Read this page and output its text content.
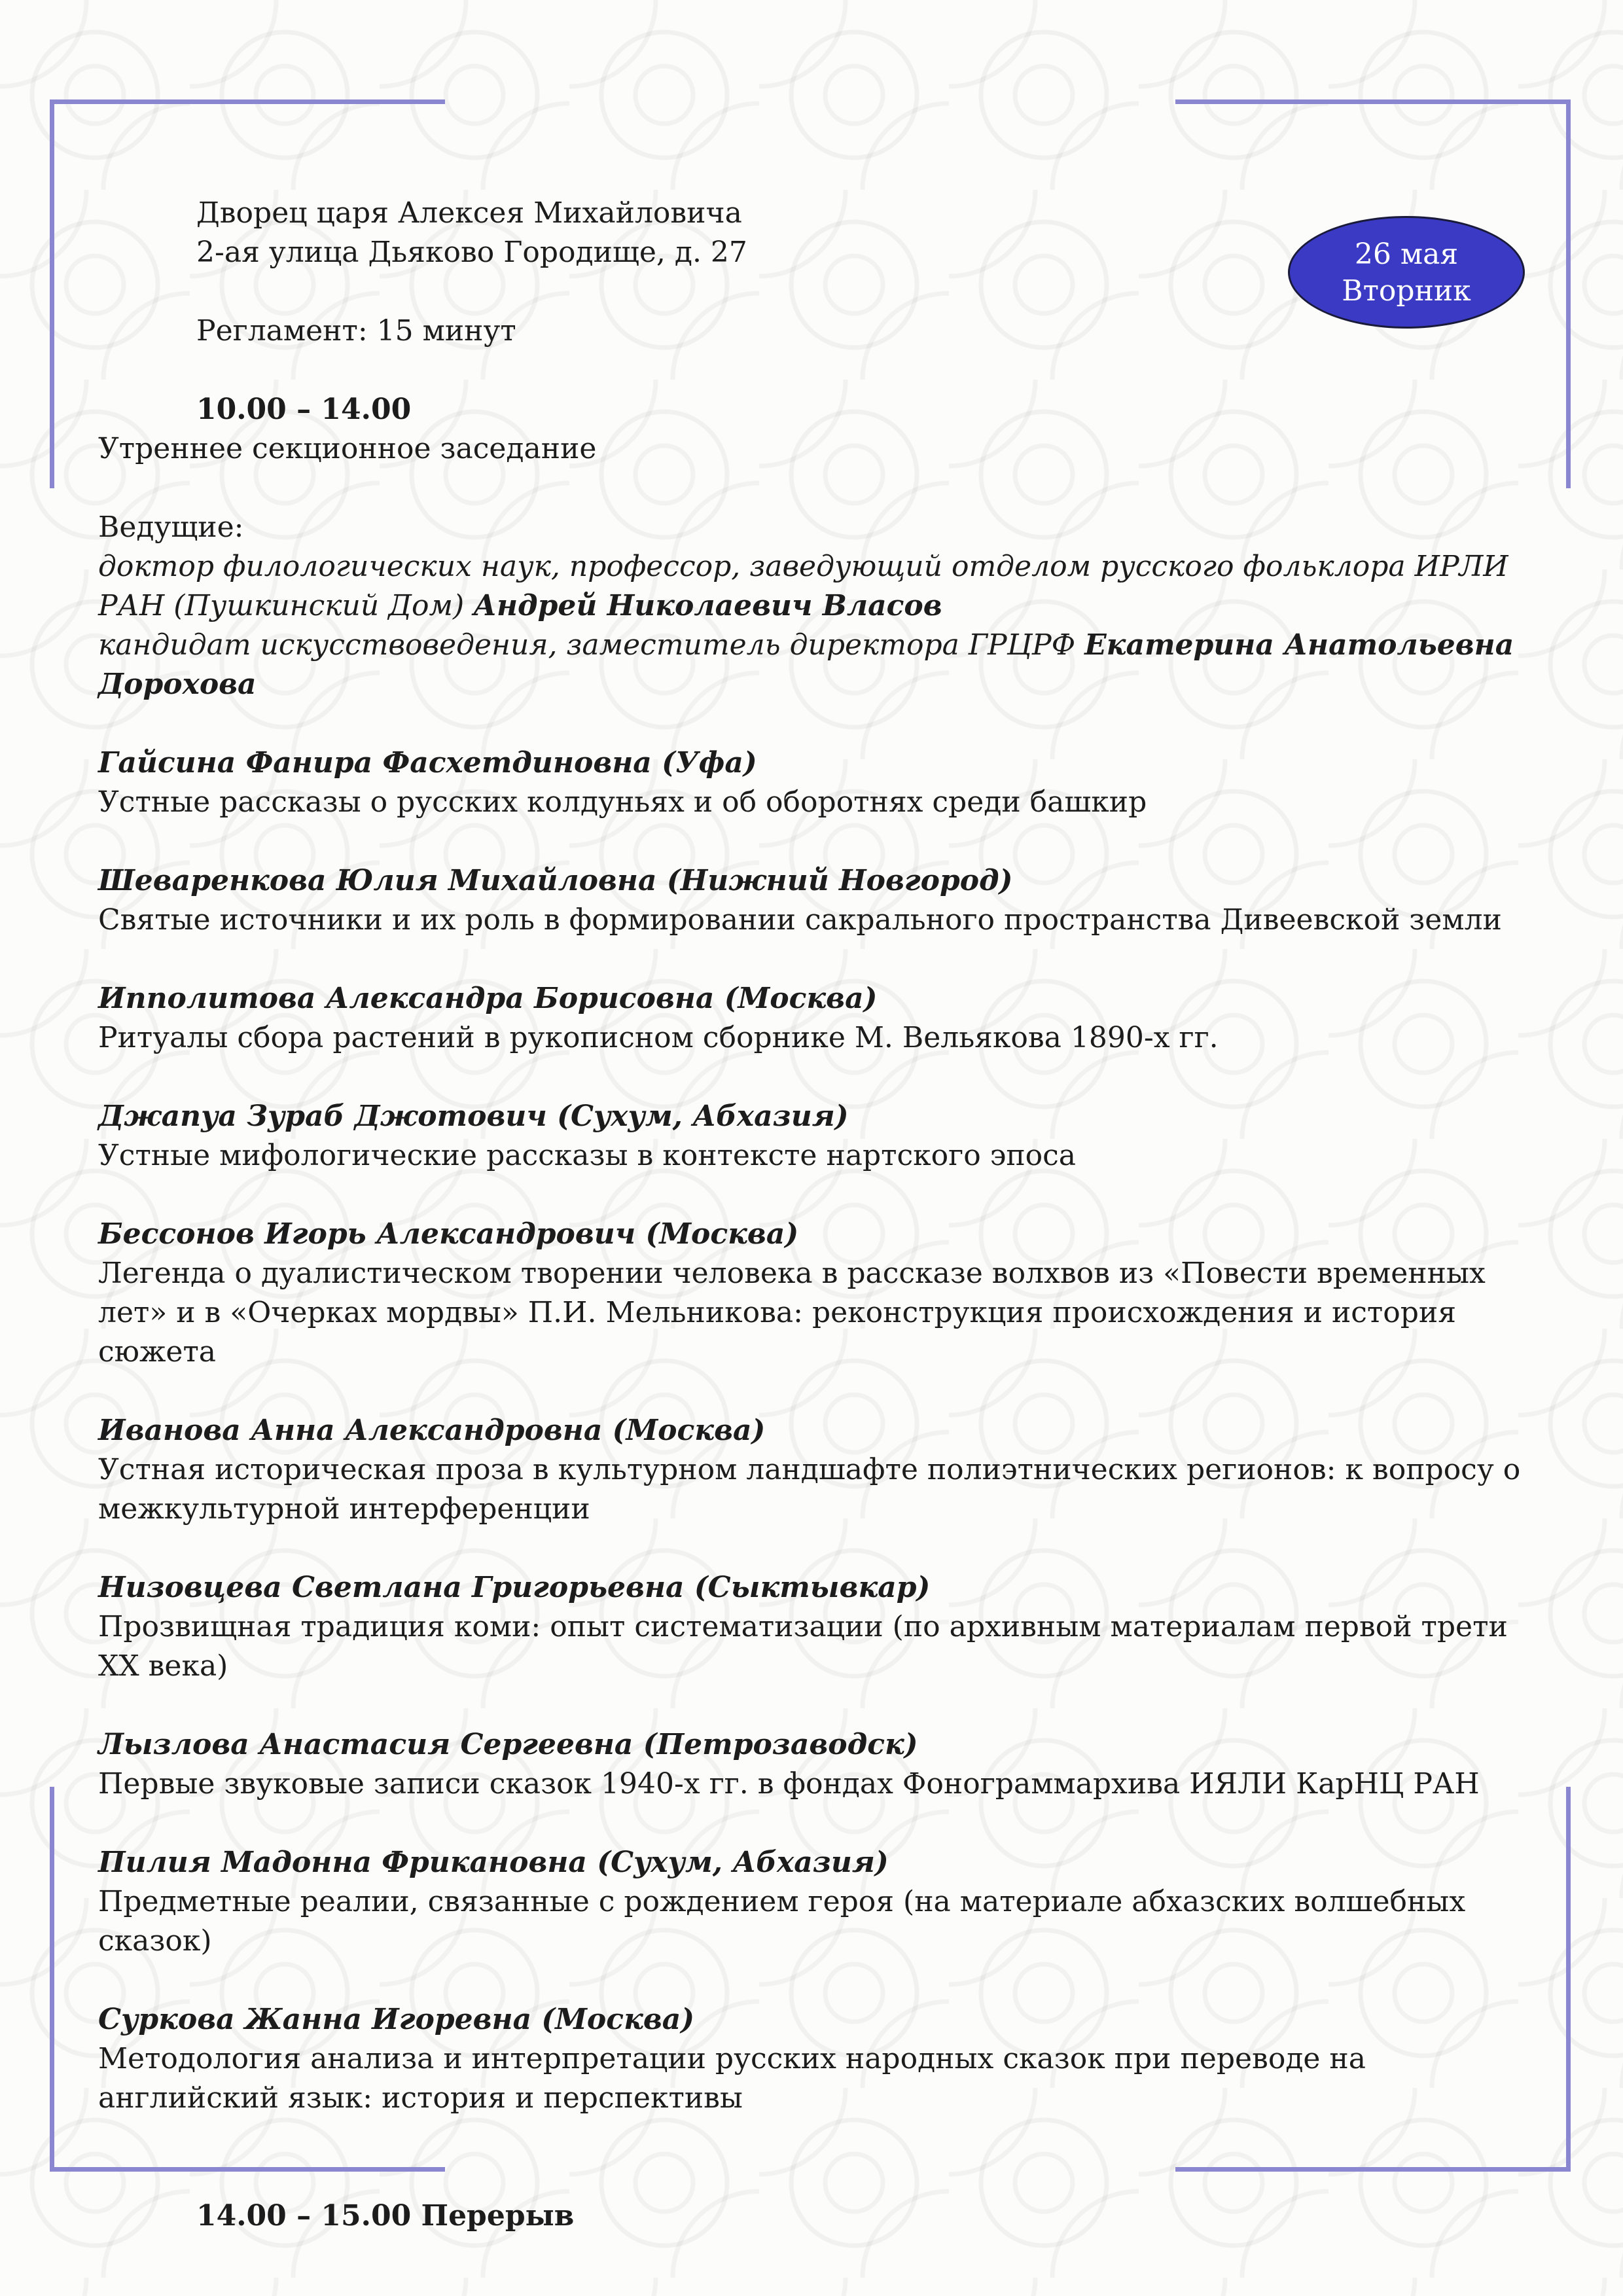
26 мая
Вторник

Дворец царя Алексея Михайловича

2-ая улица Дьяково Городище, д. 27

Регламент: 15 минут

10.00 – 14.00

Утреннее секционное заседание

Ведущие:

доктор филологических наук, профессор, заведующий отделом русского фольклора ИРЛИ РАН (Пушкинский Дом) Андрей Николаевич Власов

кандидат искусствоведения, заместитель директора ГРЦРФ Екатерина Анатольевна Дорохова

Гайсина Фанира Фасхетдиновна (Уфа)

Устные рассказы о русских колдуньях и об оборотнях среди башкир

Шеваренкова Юлия Михайловна (Нижний Новгород)

Святые источники и их роль в формировании сакрального пространства Дивеевской земли

Ипполитова Александра Борисовна (Москва)

Ритуалы сбора растений в рукописном сборнике М. Вельякова 1890-х гг.

Джапуа Зураб Джотович (Сухум, Абхазия)

Устные мифологические рассказы в контексте нартского эпоса

Бессонов Игорь Александрович (Москва)

Легенда о дуалистическом творении человека в рассказе волхвов из «Повести временных лет» и в «Очерках мордвы» П.И. Мельникова: реконструкция происхождения и история сюжета

Иванова Анна Александровна (Москва)

Устная историческая проза в культурном ландшафте полиэтнических регионов: к вопросу о межкультурной интерференции

Низовцева Светлана Григорьевна (Сыктывкар)

Прозвищная традиция коми: опыт систематизации (по архивным материалам первой трети XX века)

Лызлова Анастасия Сергеевна (Петрозаводск)

Первые звуковые записи сказок 1940-х гг. в фондах Фонограммархива ИЯЛИ КарНЦ РАН

Пилия Мадонна Фрикановна (Сухум, Абхазия)

Предметные реалии, связанные с рождением героя (на материале абхазских волшебных сказок)

Суркова Жанна Игоревна (Москва)

Методология анализа и интерпретации русских народных сказок при переводе на английский язык: история и перспективы

14.00 – 15.00 Перерыв
